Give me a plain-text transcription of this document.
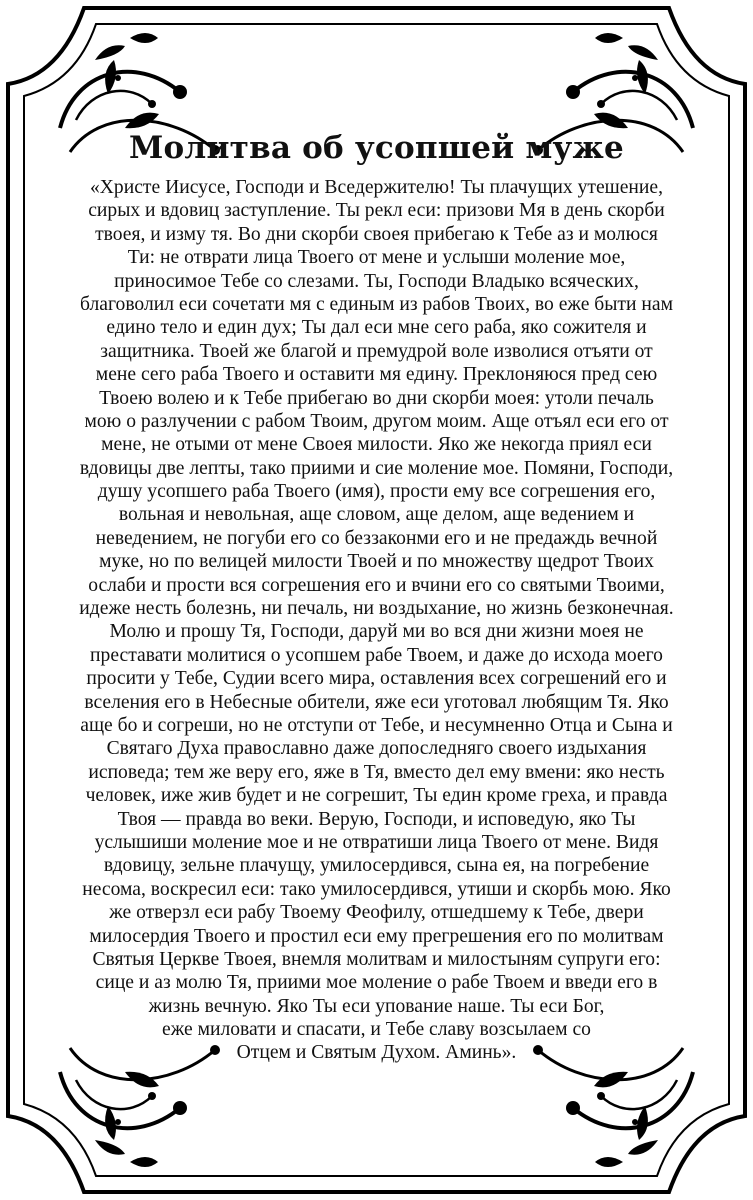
Молитва об усопшей муже
«Христе Иисусе, Господи и Вседержителю! Ты плачущих утешение,
сирых и вдовиц заступление. Ты рекл еси: призови Мя в день скорби
твоея, и изму тя. Во дни скорби своея прибегаю к Тебе аз и молюся
Ти: не отврати лица Твоего от мене и услыши моление мое,
приносимое Тебе со слезами. Ты, Господи Владыко всяческих,
благоволил еси сочетати мя с единым из рабов Твоих, во еже быти нам
едино тело и един дух; Ты дал еси мне сего раба, яко сожителя и
защитника. Твоей же благой и премудрой воле изволися отъяти от
мене сего раба Твоего и оставити мя едину. Преклоняюся пред сею
Твоею волею и к Тебе прибегаю во дни скорби моея: утоли печаль
мою о разлучении с рабом Твоим, другом моим. Аще отъял еси его от
мене, не отыми от мене Своея милости. Яко же некогда приял еси
вдовицы две лепты, тако приими и сие моление мое. Помяни, Господи,
душу усопшего раба Твоего (имя), прости ему все согрешения его,
вольная и невольная, аще словом, аще делом, аще ведением и
неведением, не погуби его со беззаконми его и не предаждь вечной
муке, но по велицей милости Твоей и по множеству щедрот Твоих
ослаби и прости вся согрешения его и вчини его со святыми Твоими,
идеже несть болезнь, ни печаль, ни воздыхание, но жизнь безконечная.
Молю и прошу Тя, Господи, даруй ми во вся дни жизни моея не
преставати молитися о усопшем рабе Твоем, и даже до исхода моего
просити у Тебе, Судии всего мира, оставления всех согрешений его и
вселения его в Небесные обители, яже еси уготовал любящим Тя. Яко
аще бо и согреши, но не отступи от Тебе, и несумненно Отца и Сына и
Святаго Духа православно даже допоследняго своего издыхания
исповеда; тем же веру его, яже в Тя, вместо дел ему вмени: яко несть
человек, иже жив будет и не согрешит, Ты един кроме греха, и правда
Твоя — правда во веки. Верую, Господи, и исповедую, яко Ты
услышиши моление мое и не отвратиши лица Твоего от мене. Видя
вдовицу, зельне плачущу, умилосердився, сына ея, на погребение
несома, воскресил еси: тако умилосердився, утиши и скорбь мою. Яко
же отверзл еси рабу Твоему Феофилу, отшедшему к Тебе, двери
милосердия Твоего и простил еси ему прегрешения его по молитвам
Святыя Церкве Твоея, внемля молитвам и милостыням супруги его:
сице и аз молю Тя, приими мое моление о рабе Твоем и введи его в
жизнь вечную. Яко Ты еси упование наше. Ты еси Бог,
еже миловати и спасати, и Тебе славу возсылаем со
Отцем и Святым Духом. Аминь».
